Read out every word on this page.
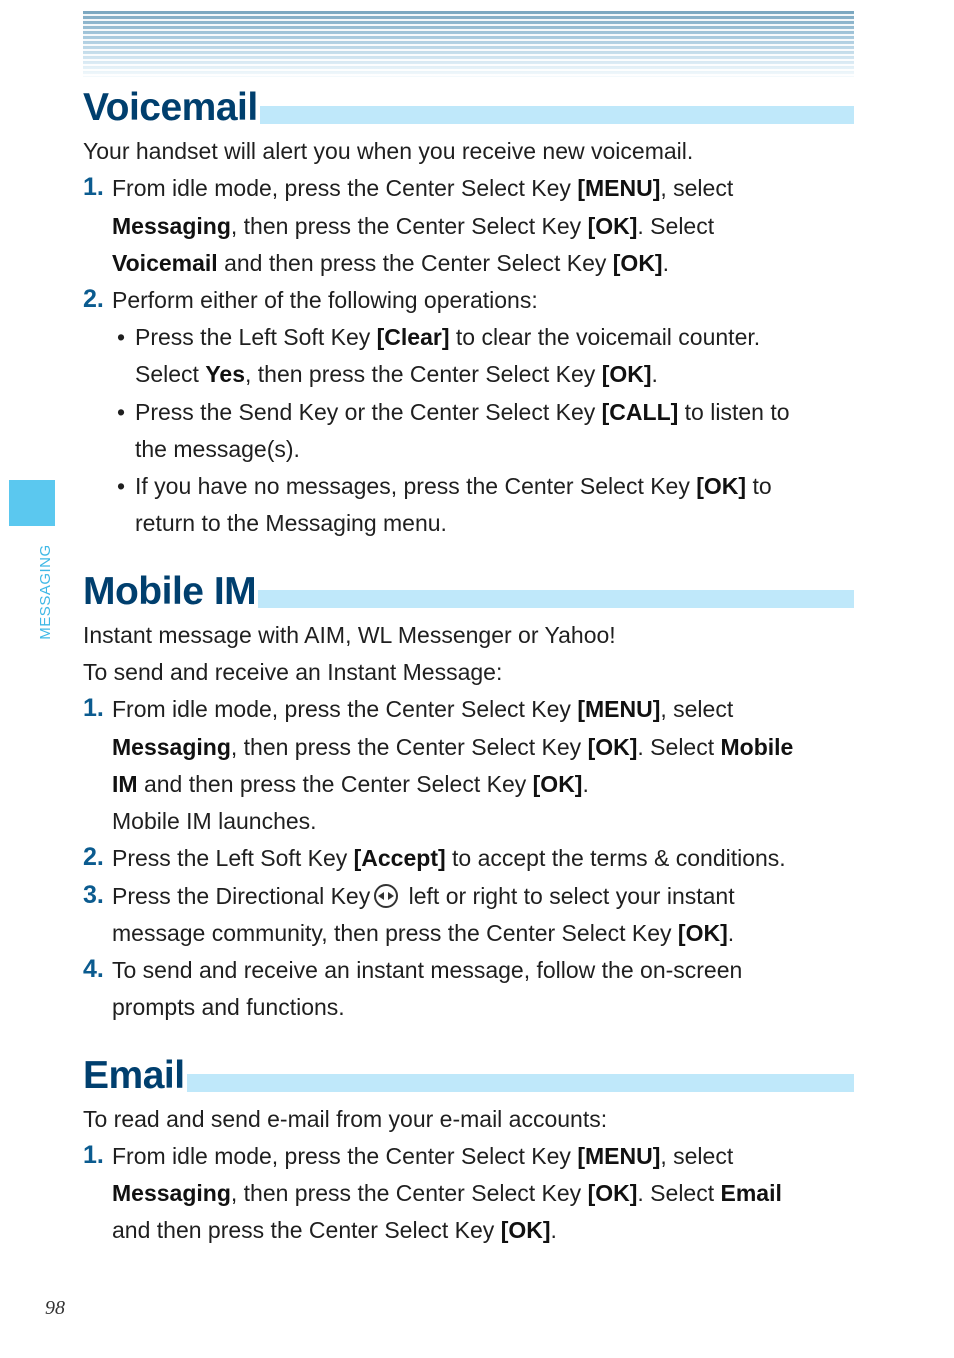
MESSAGING
Voicemail
Your handset will alert you when you receive new voicemail.
1. From idle mode, press the Center Select Key [MENU], select
Messaging, then press the Center Select Key [OK]. Select
Voicemail and then press the Center Select Key [OK].
2. Perform either of the following operations:
• Press the Left Soft Key [Clear] to clear the voicemail counter.
Select Yes, then press the Center Select Key [OK].
• Press the Send Key or the Center Select Key [CALL] to listen to
the message(s).
• If you have no messages, press the Center Select Key [OK] to
return to the Messaging menu.
Mobile IM
Instant message with AIM, WL Messenger or Yahoo!
To send and receive an Instant Message:
1. From idle mode, press the Center Select Key [MENU], select
Messaging, then press the Center Select Key [OK]. Select Mobile
IM and then press the Center Select Key [OK].
Mobile IM launches.
2. Press the Left Soft Key [Accept] to accept the terms & conditions.
3. Press the Directional Key left or right to select your instant
message community, then press the Center Select Key [OK].
4. To send and receive an instant message, follow the on-screen
prompts and functions.
Email
To read and send e-mail from your e-mail accounts:
1. From idle mode, press the Center Select Key [MENU], select
Messaging, then press the Center Select Key [OK]. Select Email
and then press the Center Select Key [OK].
98
